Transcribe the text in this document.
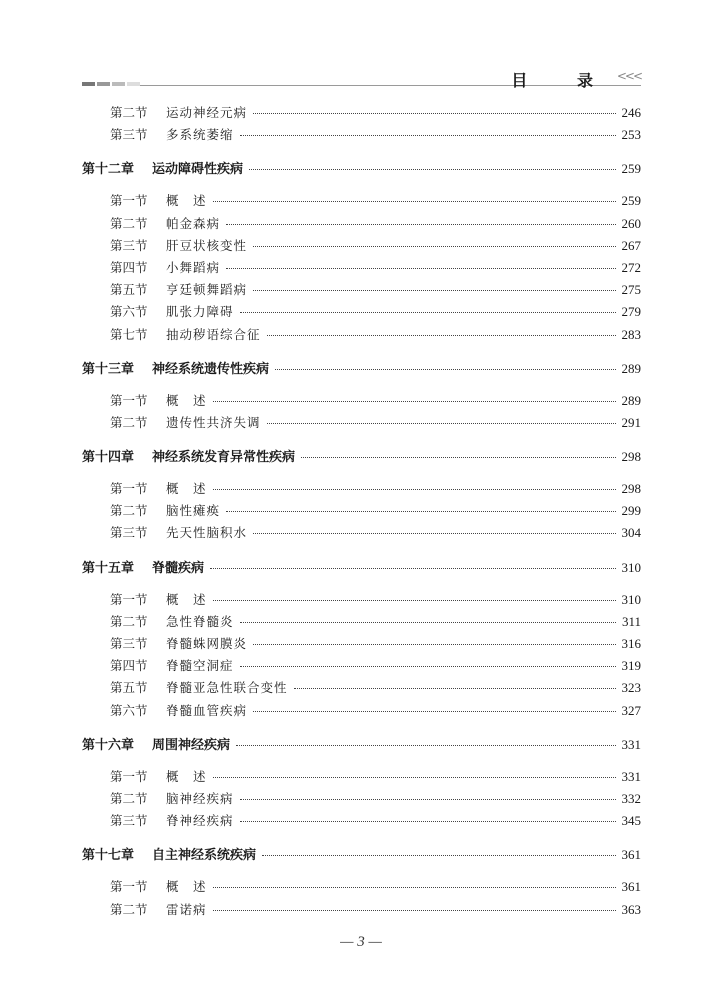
目 录 <<<
第二节	运动神经元病	246
第三节	多系统萎缩	253
第十二章	运动障碍性疾病	259
第一节	概　述	259
第二节	帕金森病	260
第三节	肝豆状核变性	267
第四节	小舞蹈病	272
第五节	亨廷顿舞蹈病	275
第六节	肌张力障碍	279
第七节	抽动秽语综合征	283
第十三章	神经系统遗传性疾病	289
第一节	概　述	289
第二节	遗传性共济失调	291
第十四章	神经系统发育异常性疾病	298
第一节	概　述	298
第二节	脑性瘫痪	299
第三节	先天性脑积水	304
第十五章	脊髓疾病	310
第一节	概　述	310
第二节	急性脊髓炎	311
第三节	脊髓蛛网膜炎	316
第四节	脊髓空洞症	319
第五节	脊髓亚急性联合变性	323
第六节	脊髓血管疾病	327
第十六章	周围神经疾病	331
第一节	概　述	331
第二节	脑神经疾病	332
第三节	脊神经疾病	345
第十七章	自主神经系统疾病	361
第一节	概　述	361
第二节	雷诺病	363
— 3 —
